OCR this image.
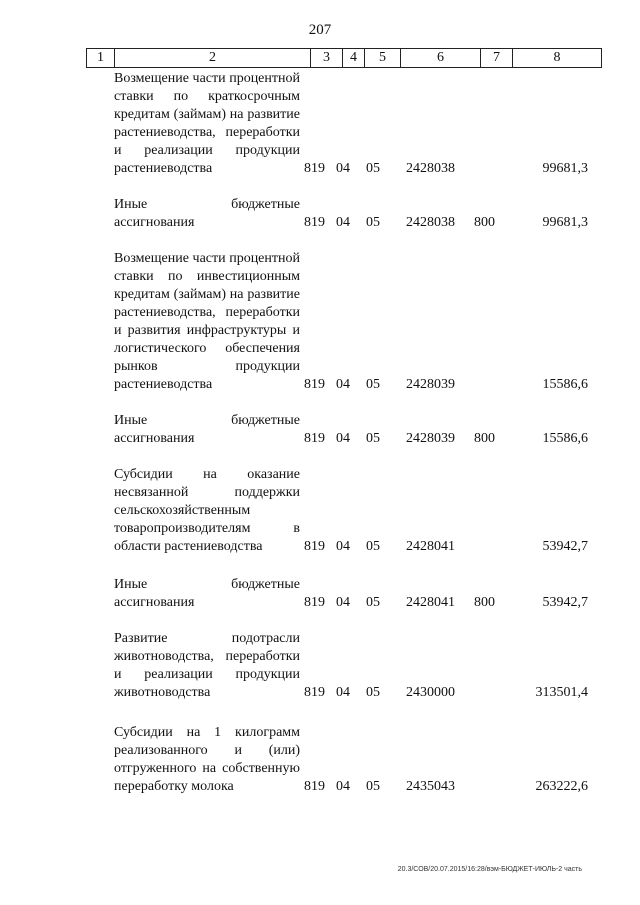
207
1	2	3	4	5	6	7	8
Возмещение части процентной ставки по краткосрочным кредитам (займам) на развитие растениеводства, переработки и реализации продукции растениеводства	819 04 05 2428038	99681,3
Иные бюджетные ассигнования	819 04 05 2428038 800	99681,3
Возмещение части процентной ставки по инвестиционным кредитам (займам) на развитие растениеводства, переработки и развития инфраструктуры и логистического обеспечения рынков продукции растениеводства	819 04 05 2428039	15586,6
Иные бюджетные ассигнования	819 04 05 2428039 800	15586,6
Субсидии на оказание несвязанной поддержки сельскохозяйственным товаропроизводителям в области растениеводства	819 04 05 2428041	53942,7
Иные бюджетные ассигнования	819 04 05 2428041 800	53942,7
Развитие подотрасли животноводства, переработки и реализации продукции животноводства	819 04 05 2430000	313501,4
Субсидии на 1 килограмм реализованного и (или) отгруженного на собственную переработку молока	819 04 05 2435043	263222,6
20.3/СОВ/20.07.2015/16:28/вэм-БЮДЖЕТ-ИЮЛЬ-2 часть
